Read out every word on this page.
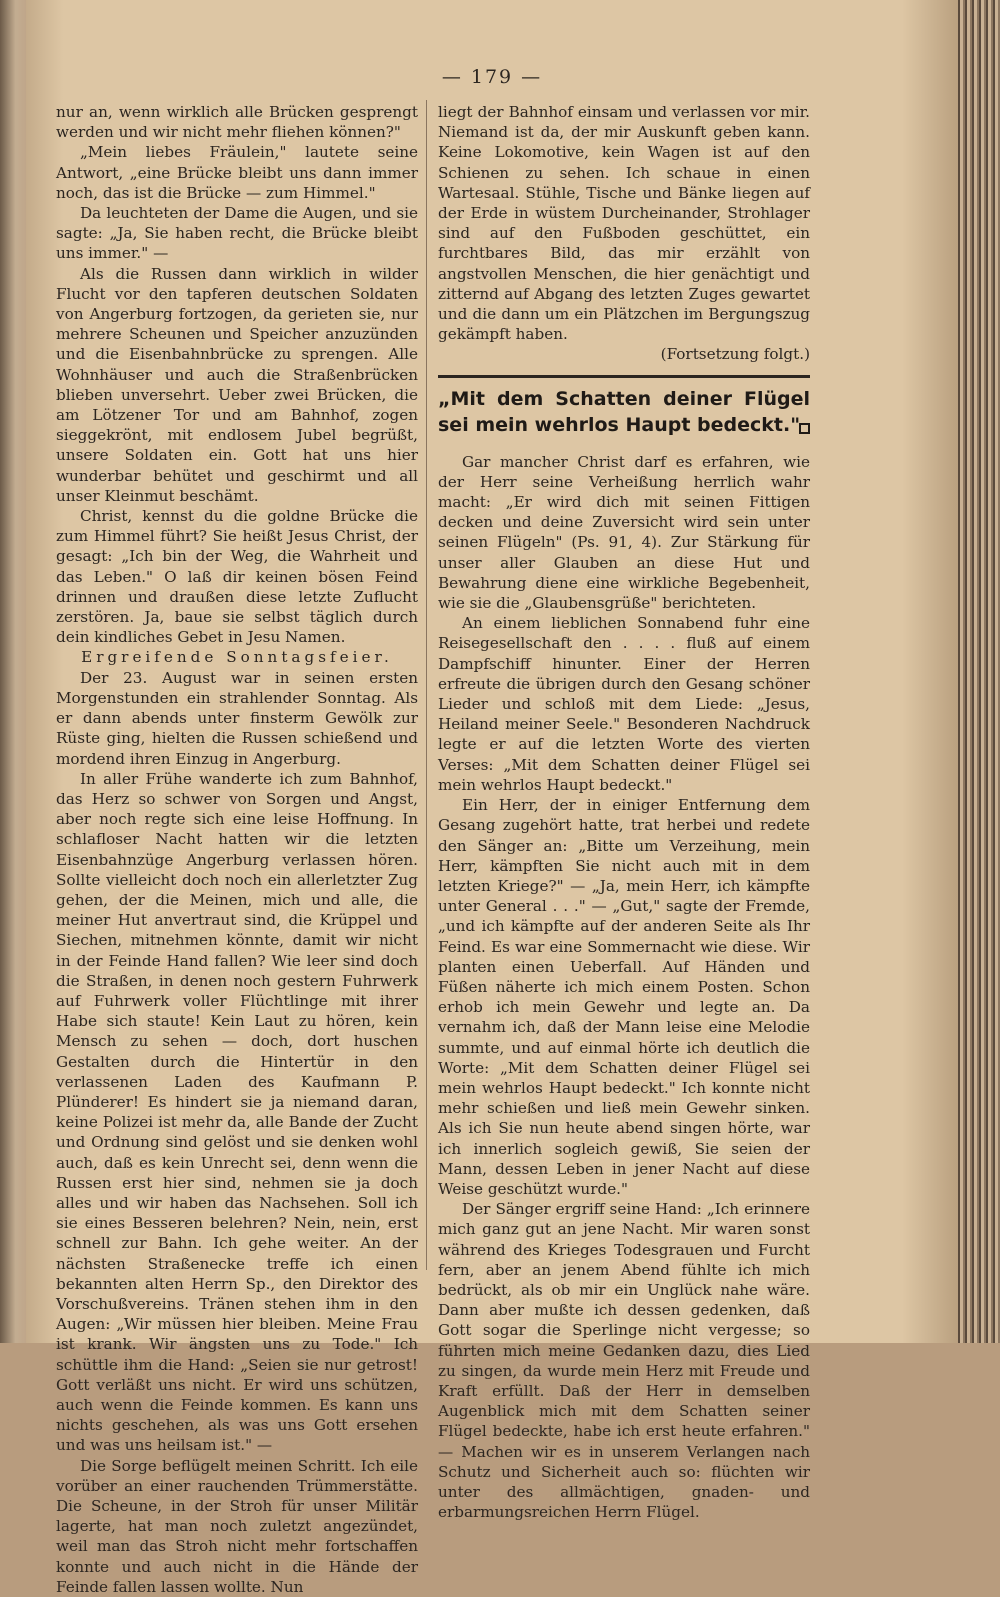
— 179 —

nur an, wenn wirklich alle Brücken gesprengt werden und wir nicht mehr fliehen können?"

„Mein liebes Fräulein," lautete seine Antwort, „eine Brücke bleibt uns dann immer noch, das ist die Brücke — zum Himmel."

Da leuchteten der Dame die Augen, und sie sagte: „Ja, Sie haben recht, die Brücke bleibt uns immer." —

Als die Russen dann wirklich in wilder Flucht vor den tapferen deutschen Soldaten von Angerburg fortzogen, da gerieten sie, nur mehrere Scheunen und Speicher anzuzünden und die Eisenbahnbrücke zu sprengen. Alle Wohnhäuser und auch die Straßenbrücken blieben unversehrt. Ueber zwei Brücken, die am Lötzener Tor und am Bahnhof, zogen sieggekrönt, mit endlosem Jubel begrüßt, unsere Soldaten ein. Gott hat uns hier wunderbar behütet und geschirmt und all unser Kleinmut beschämt.

Christ, kennst du die goldne Brücke die zum Himmel führt? Sie heißt Jesus Christ, der gesagt: „Ich bin der Weg, die Wahrheit und das Leben." O laß dir keinen bösen Feind drinnen und draußen diese letzte Zuflucht zerstören. Ja, baue sie selbst täglich durch dein kindliches Gebet in Jesu Namen.

Ergreifende Sonntagsfeier.

Der 23. August war in seinen ersten Morgenstunden ein strahlender Sonntag. Als er dann abends unter finsterm Gewölk zur Rüste ging, hielten die Russen schießend und mordend ihren Einzug in Angerburg.

In aller Frühe wanderte ich zum Bahnhof, das Herz so schwer von Sorgen und Angst, aber noch regte sich eine leise Hoffnung. In schlafloser Nacht hatten wir die letzten Eisenbahnzüge Angerburg verlassen hören. Sollte vielleicht doch noch ein allerletzter Zug gehen, der die Meinen, mich und alle, die meiner Hut anvertraut sind, die Krüppel und Siechen, mitnehmen könnte, damit wir nicht in der Feinde Hand fallen? Wie leer sind doch die Straßen, in denen noch gestern Fuhrwerk auf Fuhrwerk voller Flüchtlinge mit ihrer Habe sich staute! Kein Laut zu hören, kein Mensch zu sehen — doch, dort huschen Gestalten durch die Hintertür in den verlassenen Laden des Kaufmann P. Plünderer! Es hindert sie ja niemand daran, keine Polizei ist mehr da, alle Bande der Zucht und Ordnung sind gelöst und sie denken wohl auch, daß es kein Unrecht sei, denn wenn die Russen erst hier sind, nehmen sie ja doch alles und wir haben das Nachsehen. Soll ich sie eines Besseren belehren? Nein, nein, erst schnell zur Bahn. Ich gehe weiter. An der nächsten Straßenecke treffe ich einen bekannten alten Herrn Sp., den Direktor des Vorschußvereins. Tränen stehen ihm in den Augen: „Wir müssen hier bleiben. Meine Frau ist krank. Wir ängsten uns zu Tode." Ich schüttle ihm die Hand: „Seien sie nur getrost! Gott verläßt uns nicht. Er wird uns schützen, auch wenn die Feinde kommen. Es kann uns nichts geschehen, als was uns Gott ersehen und was uns heilsam ist." —

Die Sorge beflügelt meinen Schritt. Ich eile vorüber an einer rauchenden Trümmerstätte. Die Scheune, in der Stroh für unser Militär lagerte, hat man noch zuletzt angezündet, weil man das Stroh nicht mehr fortschaffen konnte und auch nicht in die Hände der Feinde fallen lassen wollte. Nun

liegt der Bahnhof einsam und verlassen vor mir. Niemand ist da, der mir Auskunft geben kann. Keine Lokomotive, kein Wagen ist auf den Schienen zu sehen. Ich schaue in einen Wartesaal. Stühle, Tische und Bänke liegen auf der Erde in wüstem Durcheinander, Strohlager sind auf den Fußboden geschüttet, ein furchtbares Bild, das mir erzählt von angstvollen Menschen, die hier genächtigt und zitternd auf Abgang des letzten Zuges gewartet und die dann um ein Plätzchen im Bergungszug gekämpft haben.

(Fortsetzung folgt.)

„Mit dem Schatten deiner Flügel sei mein wehrlos Haupt bedeckt."

Gar mancher Christ darf es erfahren, wie der Herr seine Verheißung herrlich wahr macht: „Er wird dich mit seinen Fittigen decken und deine Zuversicht wird sein unter seinen Flügeln" (Ps. 91, 4). Zur Stärkung für unser aller Glauben an diese Hut und Bewahrung diene eine wirkliche Begebenheit, wie sie die „Glaubensgrüße" berichteten.

An einem lieblichen Sonnabend fuhr eine Reisegesellschaft den . . . . fluß auf einem Dampfschiff hinunter. Einer der Herren erfreute die übrigen durch den Gesang schöner Lieder und schloß mit dem Liede: „Jesus, Heiland meiner Seele." Besonderen Nachdruck legte er auf die letzten Worte des vierten Verses: „Mit dem Schatten deiner Flügel sei mein wehrlos Haupt bedeckt."

Ein Herr, der in einiger Entfernung dem Gesang zugehört hatte, trat herbei und redete den Sänger an: „Bitte um Verzeihung, mein Herr, kämpften Sie nicht auch mit in dem letzten Kriege?" — „Ja, mein Herr, ich kämpfte unter General . . ." — „Gut," sagte der Fremde, „und ich kämpfte auf der anderen Seite als Ihr Feind. Es war eine Sommernacht wie diese. Wir planten einen Ueberfall. Auf Händen und Füßen näherte ich mich einem Posten. Schon erhob ich mein Gewehr und legte an. Da vernahm ich, daß der Mann leise eine Melodie summte, und auf einmal hörte ich deutlich die Worte: „Mit dem Schatten deiner Flügel sei mein wehrlos Haupt bedeckt." Ich konnte nicht mehr schießen und ließ mein Gewehr sinken. Als ich Sie nun heute abend singen hörte, war ich innerlich sogleich gewiß, Sie seien der Mann, dessen Leben in jener Nacht auf diese Weise geschützt wurde."

Der Sänger ergriff seine Hand: „Ich erinnere mich ganz gut an jene Nacht. Mir waren sonst während des Krieges Todesgrauen und Furcht fern, aber an jenem Abend fühlte ich mich bedrückt, als ob mir ein Unglück nahe wäre. Dann aber mußte ich dessen gedenken, daß Gott sogar die Sperlinge nicht vergesse; so führten mich meine Gedanken dazu, dies Lied zu singen, da wurde mein Herz mit Freude und Kraft erfüllt. Daß der Herr in demselben Augenblick mich mit dem Schatten seiner Flügel bedeckte, habe ich erst heute erfahren." — Machen wir es in unserem Verlangen nach Schutz und Sicherheit auch so: flüchten wir unter des allmächtigen, gnaden- und erbarmungsreichen Herrn Flügel.
